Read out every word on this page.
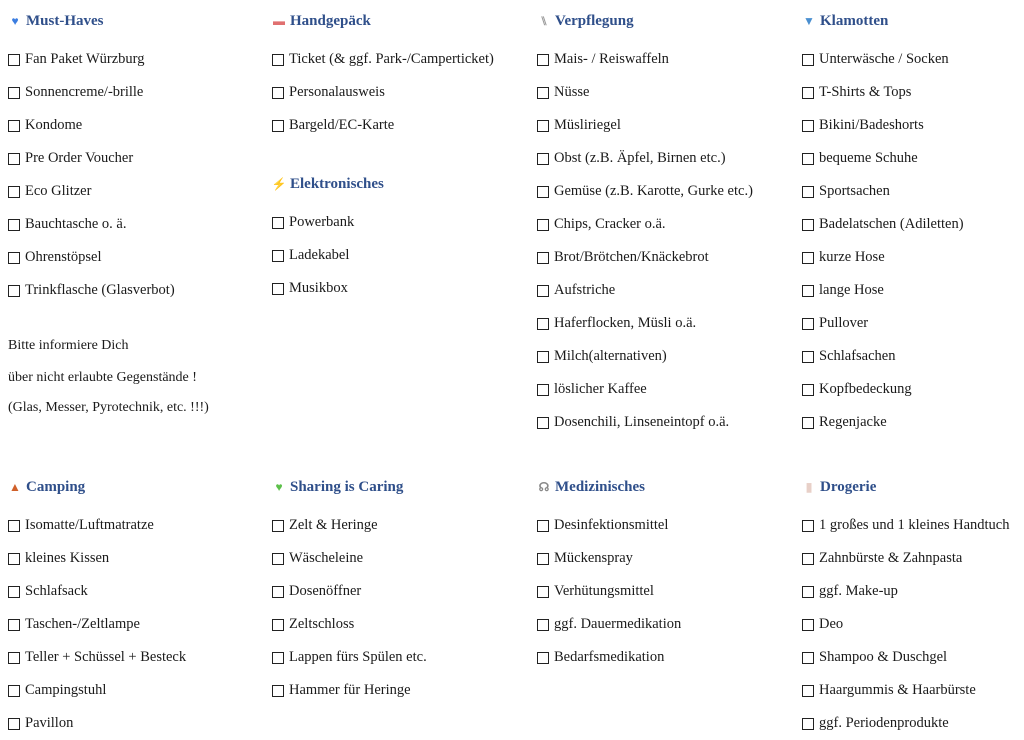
♥ Must-Haves
Fan Paket Würzburg
Sonnencreme/-brille
Kondome
Pre Order Voucher
Eco Glitzer
Bauchtasche o. ä.
Ohrenstöpsel
Trinkflasche (Glasverbot)
▬ Handgepäck
Ticket (& ggf. Park-/Camperticket)
Personalausweis
Bargeld/EC-Karte
⚡ Elektronisches
Powerbank
Ladekabel
Musikbox
⑊ Verpflegung
Mais- / Reiswaffeln
Nüsse
Müsliriegel
Obst (z.B. Äpfel, Birnen etc.)
Gemüse (z.B. Karotte, Gurke etc.)
Chips, Cracker o.ä.
Brot/Brötchen/Knäckebrot
Aufstriche
Haferflocken, Müsli o.ä.
Milch(alternativen)
löslicher Kaffee
Dosenchili, Linseneintopf o.ä.
▼ Klamotten
Unterwäsche / Socken
T-Shirts & Tops
Bikini/Badeshorts
bequeme Schuhe
Sportsachen
Badelatschen (Adiletten)
kurze Hose
lange Hose
Pullover
Schlafsachen
Kopfbedeckung
Regenjacke
▲ Camping
Isomatte/Luftmatratze
kleines Kissen
Schlafsack
Taschen-/Zeltlampe
Teller + Schüssel + Besteck
Campingstuhl
Pavillon
♥ Sharing is Caring
Zelt & Heringe
Wäscheleine
Dosenöffner
Zeltschloss
Lappen fürs Spülen etc.
Hammer für Heringe
☊ Medizinisches
Desinfektionsmittel
Mückenspray
Verhütungsmittel
ggf. Dauermedikation
Bedarfsmedikation
▮ Drogerie
1 großes und 1 kleines Handtuch
Zahnbürste & Zahnpasta
ggf. Make-up
Deo
Shampoo & Duschgel
Haargummis & Haarbürste
ggf. Periodenprodukte
Bitte informiere Dich
über nicht erlaubte Gegenstände !
(Glas, Messer, Pyrotechnik, etc. !!!)
